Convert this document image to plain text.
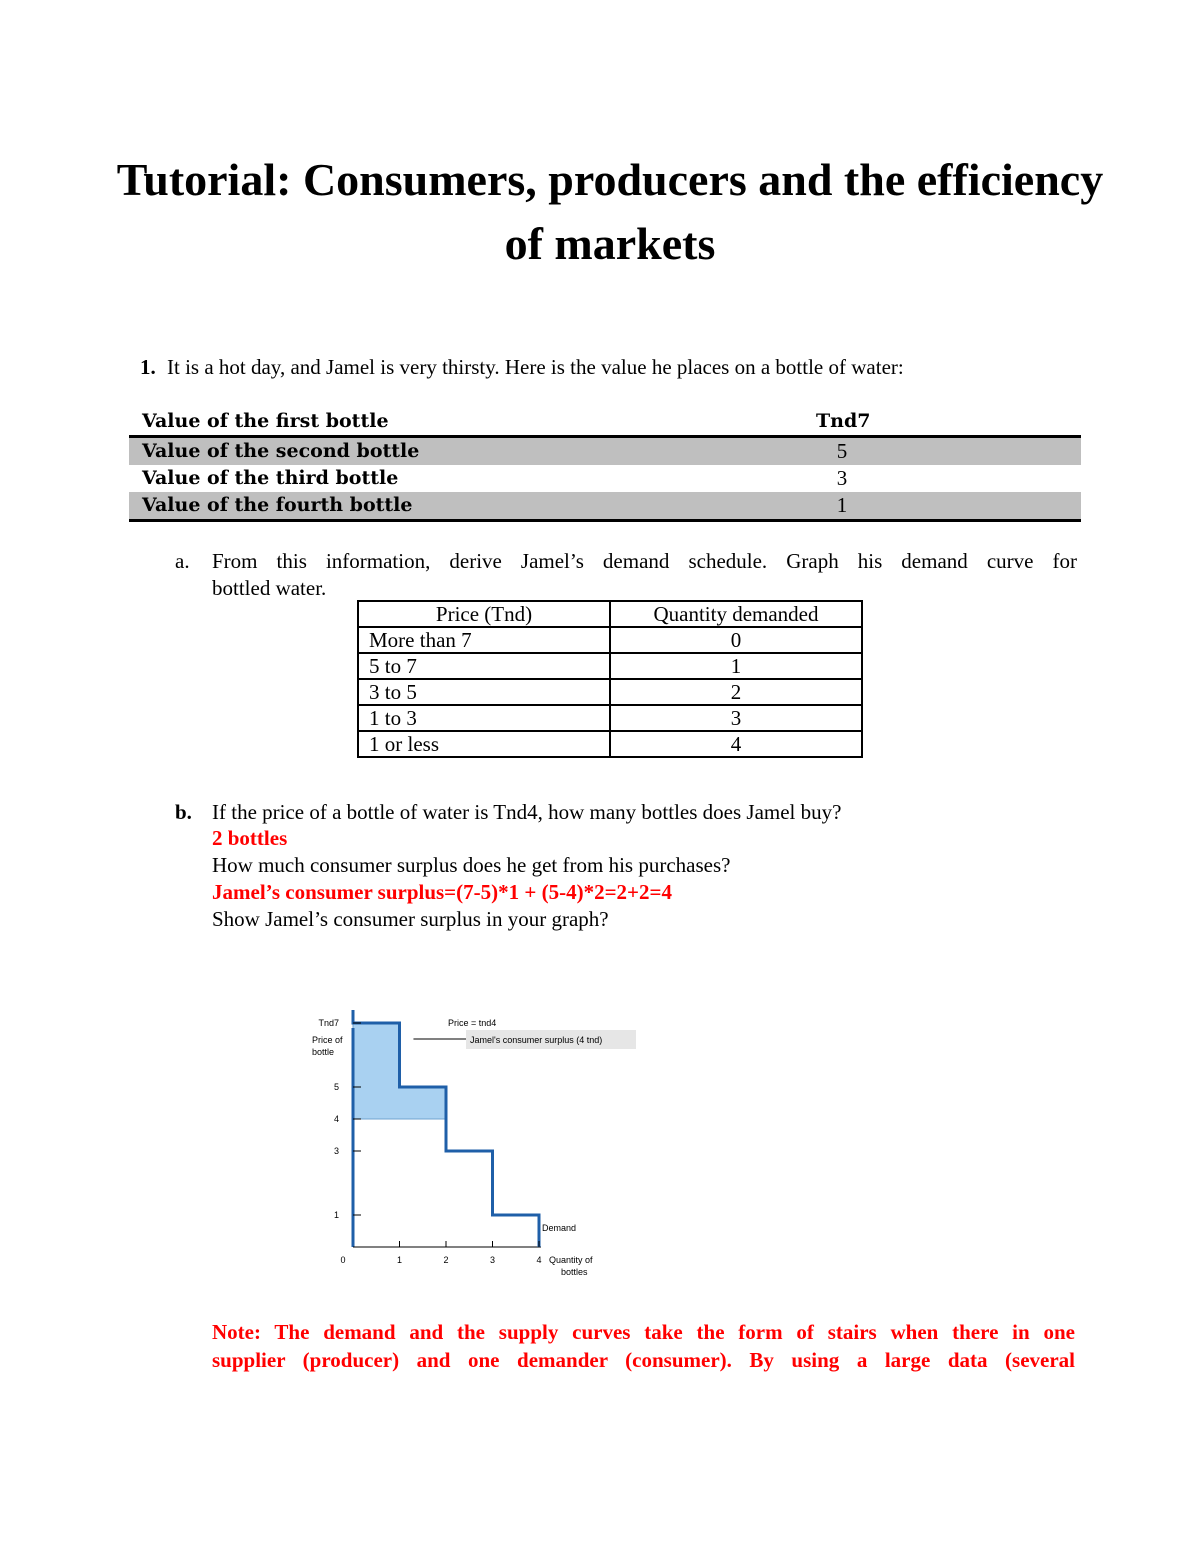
Tutorial: Consumers, producers and the efficiency of markets
1. It is a hot day, and Jamel is very thirsty. Here is the value he places on a bottle of water:
Value of the first bottle	Tnd7
Value of the second bottle	5
Value of the third bottle	3
Value of the fourth bottle	1
a. From this information, derive Jamel’s demand schedule. Graph his demand curve for
bottled water.
Price (Tnd)	Quantity demanded
More than 7	0
5 to 7	1
3 to 5	2
1 to 3	3
1 or less	4
b. If the price of a bottle of water is Tnd4, how many bottles does Jamel buy?
2 bottles
How much consumer surplus does he get from his purchases?
Jamel’s consumer surplus=(7-5)*1 + (5-4)*2=2+2=4
Show Jamel’s consumer surplus in your graph?
Tnd7
5
4
3
1
0	1	2	3	4
Price of
bottle
Quantity of
bottles
Price = tnd4
Demand
Jamel's consumer surplus (4 tnd)
Note: The demand and the supply curves take the form of stairs when there in one
supplier (producer) and one demander (consumer). By using a large data (several
